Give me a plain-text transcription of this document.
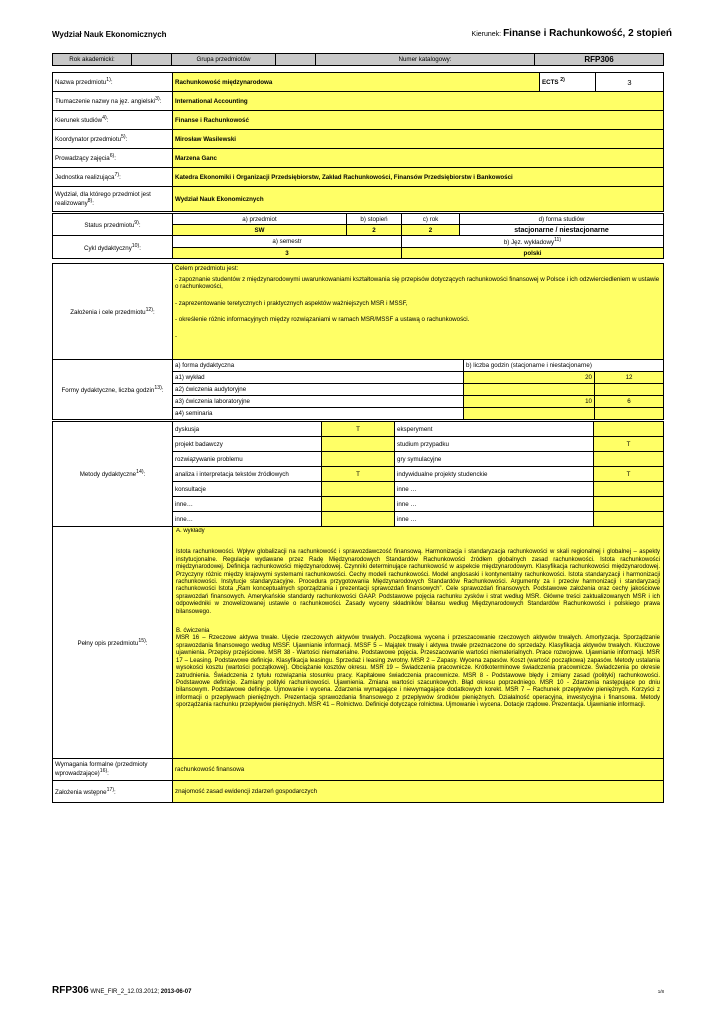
Wydział Nauk Ekonomicznych	Kierunek: Finanse i Rachunkowość, 2 stopień
Rok akademicki:		Grupa przedmiotów		Numer katalogowy:	RFP306
Nazwa przedmiotu$^{1)}$:	Rachunkowość międzynarodowa	ECTS $^{2)}$	3
Tłumaczenie nazwy na jęz. angielski$^{3)}$:	International Accounting		
Kierunek studiów$^{4)}$:	Finanse i Rachunkowość		
Koordynator przedmiotu$^{5)}$:	Mirosław Wasilewski		
Prowadzący zajęcia$^{6)}$:	Marzena Ganc		
Jednostka realizująca$^{7)}$:	Katedra Ekonomiki i Organizacji Przedsiębiorstw, Zakład Rachunkowości, Finansów Przedsiębiorstw i Bankowości		
Wydział, dla którego przedmiot jest realizowany$^{8)}$:	Wydział Nauk Ekonomicznych		
Status przedmiotu$^{9)}$:	a) przedmiot	b) stopień	c) rok	d) forma studiów
	SW	2	2	stacjonarne / niestacjonarne
Cykl dydaktyczny$^{10)}$:	a) semestr		b) Jęz. wykładowy$^{11)}$
	3		polski	
Założenia i cele przedmiotu$^{12)}$:	
Celem przedmiotu jest:
- zapoznanie studentów z międzynarodowymi uwarunkowaniami kształtowania się przepisów dotyczących rachunkowości finansowej w Polsce i ich odzwierciedleniem w ustawie o rachunkowości,
- zaprezentowanie teretycznych i praktycznych aspektów ważniejszych MSR i MSSF,
- określenie różnic informacyjnych między rozwiązaniami w ramach MSR/MSSF a ustawą o rachunkowości.
-
Formy dydaktyczne, liczba godzin$^{13)}$:	a) forma dydaktyczna	b) liczba godzin (stacjonarne i niestacjonarne)	
	a1) wykład	20	12
	a2) ćwiczenia audytoryjne		
	a3) ćwiczenia laboratoryjne	10	6
	a4) seminaria		
Metody dydaktyczne$^{14)}$:	dyskusja	T	eksperyment	
	projekt badawczy		studium przypadku	T
	rozwiązywanie problemu		gry symulacyjne	
	analiza i interpretacja tekstów źródłowych	T	indywidualne projekty studenckie	T
	konsultacje		inne …	
	inne…		inne …	
	inne…		inne …	
Pełny opis przedmiotu$^{15)}$:	A. wykłady
Istota rachunkowości. Wpływ globalizacji na rachunkowość i sprawozdawczość finansową. Harmonizacja i standaryzacja rachunkowości w skali regionalnej i globalnej – aspekty instytucjonalne. Regulacje wydawane przez Radę Międzynarodowych Standardów Rachunkowości źródłem globalnych zasad rachunkowości. Istota rachunkowości międzynarodowej. Definicja rachunkowości międzynarodowej. Czynniki determinujące rachunkowość w aspekcie międzynarodowym. Klasyfikacja rachunkowości międzynarodowej. Przyczyny różnic między krajowymi systemami rachunkowości. Cechy modeli rachunkowości. Model anglosaski i kontynentalny rachunkowości. Istota standaryzacji i harmonizacji rachunkowości. Instytucje standaryzacyjne. Procedura przygotowania Międzynarodowych Standardów Rachunkowości. Argumenty za i przeciw harmonizacji i standaryzacji rachunkowości Istota „Ram konceptualnych sporządzania i prezentacji sprawozdań finansowych”. Cele sprawozdań finansowych. Podstawowe założenia oraz cechy jakościowe sprawozdań finansowych. Amerykańskie standardy rachunkowości GAAP. Podstawowe pojęcia rachunku zysków i strat według MSR. Główne treści zaktualizowanych MSR i ich odpowiedniki w znowelizowanej ustawie o rachunkowości. Zasady wyceny składników bilansu według Międzynarodowych Standardów Rachunkowości i polskiego prawa bilansowego.
B. ćwiczenia
MSR 16 – Rzeczowe aktywa trwałe. Ujęcie rzeczowych aktywów trwałych. Początkowa wycena i przeszacowanie rzeczowych aktywów trwałych. Amortyzacja. Sporządzanie sprawozdania finansowego według MSSF. Ujawnianie informacji. MSSF 5 – Majątek trwały i aktywa trwałe przeznaczone do sprzedaży. Klasyfikacja aktywów trwałych. Kluczowe ujawnienia. Przepisy przejściowe. MSR 38 - Wartości niematerialne. Podstawowe pojęcia. Przeszacowanie wartości niematerialnych. Prace rozwojowe. Ujawnianie informacji. MSR 17 – Leasing. Podstawowe definicje. Klasyfikacja leasingu. Sprzedaż i leasing zwrotny. MSR 2 – Zapasy. Wycena zapasów. Koszt (wartość początkowa) zapasów. Metody ustalania wysokości kosztu (wartości początkowej). Obciążanie kosztów okresu. MSR 19 – Świadczenia pracownicze. Krótkoterminowe świadczenia pracownicze. Świadczenia po okresie zatrudnienia. Świadczenia z tytułu rozwiązania stosunku pracy. Kapitałowe świadczenia pracownicze. MSR 8 - Podstawowe błędy i zmiany zasad (polityki) rachunkowości. Podstawowe definicje. Zamiany polityki rachunkowości. Ujawnienia. Zmiana wartości szacunkowych. Błąd okresu poprzedniego. MSR 10 - Zdarzenia następujące po dniu bilansowym. Podstawowe definicje. Ujmowanie i wycena. Zdarzenia wymagające i niewymagające dodatkowych korekt. MSR 7 – Rachunek przepływów pieniężnych. Korzyści z informacji o przepływach pieniężnych. Prezentacja sprawozdania finansowego z przepływów środków pieniężnych. Działalność operacyjna, inwestycyjna i finansowa. Metody sporządzania rachunku przepływów pieniężnych. MSR 41 – Rolnictwo. Definicje dotyczące rolnictwa. Ujmowanie i wycena. Dotacje rządowe. Prezentacja. Ujawnianie informacji.

Wymagania formalne (przedmioty wprowadzające)$^{16)}$:	rachunkowość finansowa
Założenia wstępne$^{17)}$:	znajomość zasad ewidencji zdarzeń gospodarczych
RFP306 WNE_FIR_2_12.03.2012; 2013-06-07	1/8
